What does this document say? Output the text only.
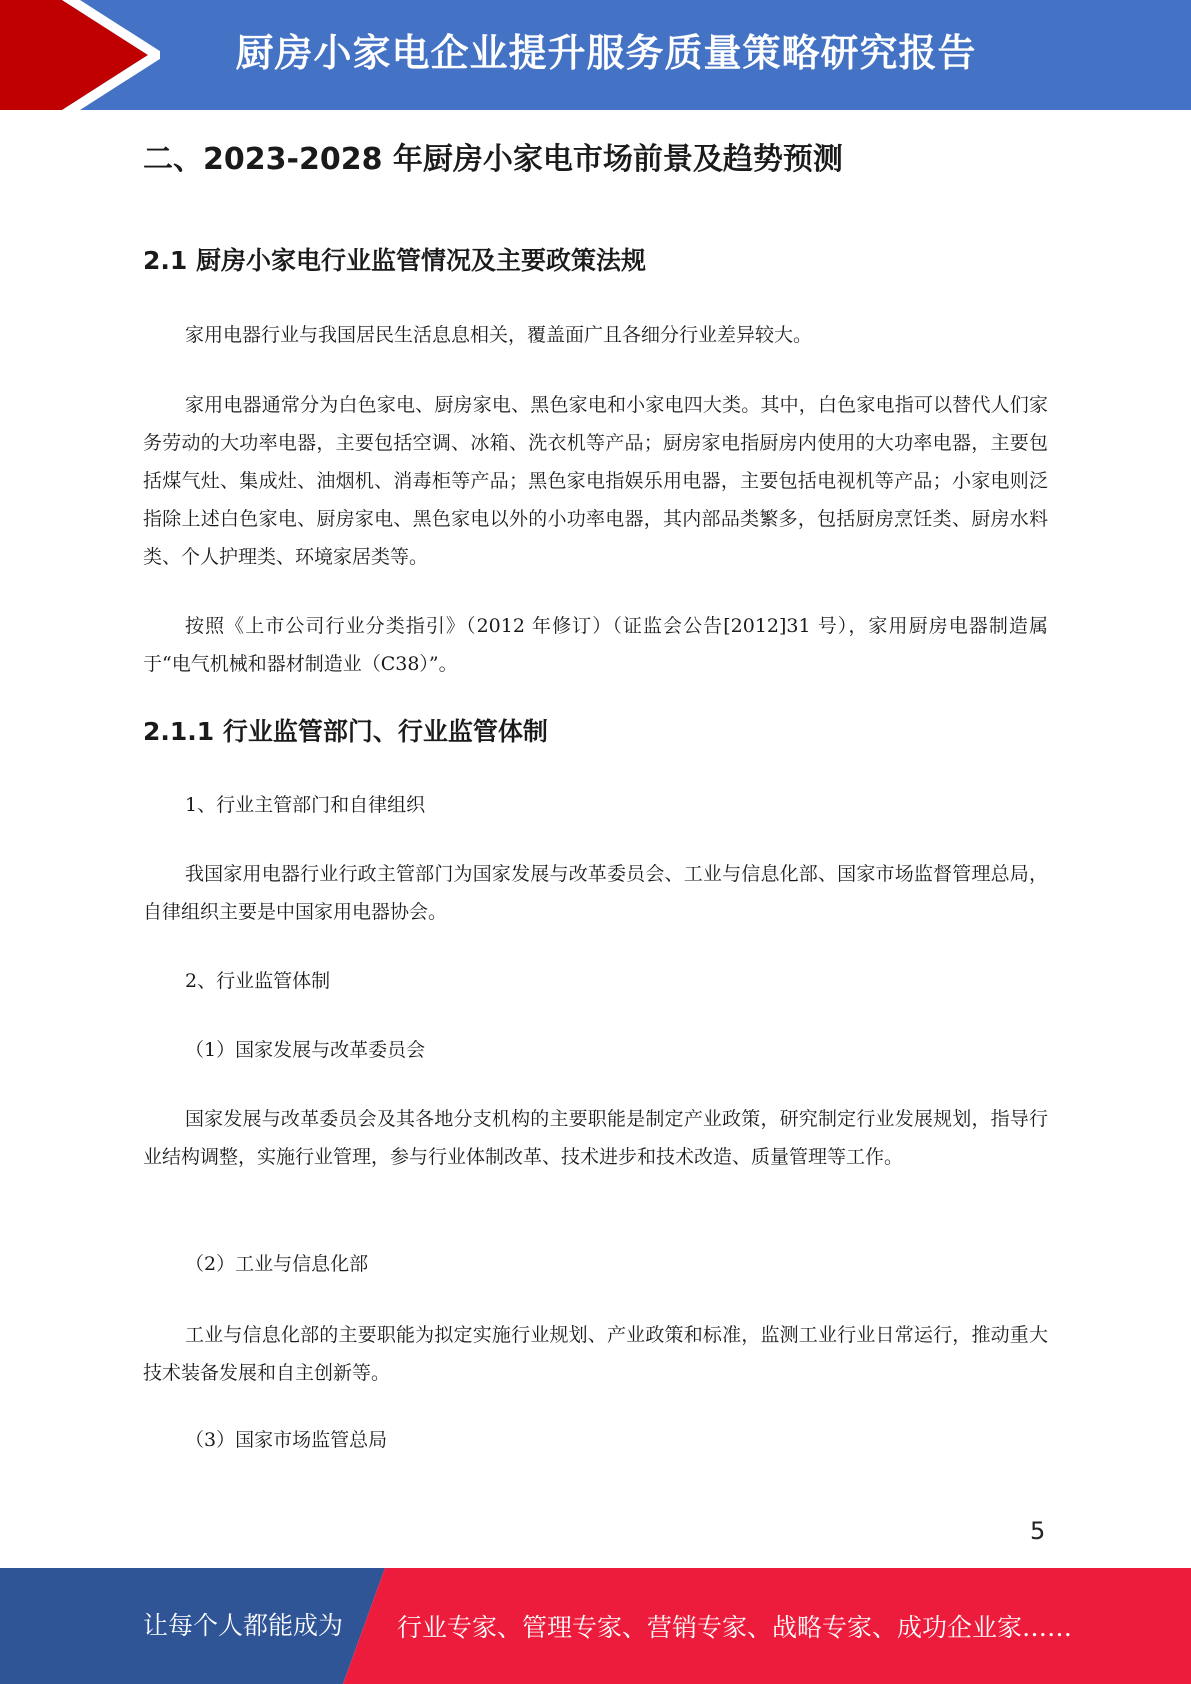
厨房小家电企业提升服务质量策略研究报告
二、2023-2028 年厨房小家电市场前景及趋势预测
2.1 厨房小家电行业监管情况及主要政策法规

家用电器行业与我国居民生活息息相关，覆盖面广且各细分行业差异较大。

家用电器通常分为白色家电、厨房家电、黑色家电和小家电四大类。其中，白色家电指可以替代人们家务劳动的大功率电器，主要包括空调、冰箱、洗衣机等产品；厨房家电指厨房内使用的大功率电器，主要包括煤气灶、集成灶、油烟机、消毒柜等产品；黑色家电指娱乐用电器，主要包括电视机等产品；小家电则泛指除上述白色家电、厨房家电、黑色家电以外的小功率电器，其内部品类繁多，包括厨房烹饪类、厨房水料类、个人护理类、环境家居类等。

按照《上市公司行业分类指引》（2012 年修订）（证监会公告[2012]31 号），家用厨房电器制造属于“电气机械和器材制造业（C38）”。

2.1.1 行业监管部门、行业监管体制
1、行业主管部门和自律组织

我国家用电器行业行政主管部门为国家发展与改革委员会、工业与信息化部、国家市场监督管理总局，自律组织主要是中国家用电器协会。

2、行业监管体制
（1）国家发展与改革委员会

国家发展与改革委员会及其各地分支机构的主要职能是制定产业政策，研究制定行业发展规划，指导行业结构调整，实施行业管理，参与行业体制改革、技术进步和技术改造、质量管理等工作。

（2）工业与信息化部

工业与信息化部的主要职能为拟定实施行业规划、产业政策和标准，监测工业行业日常运行，推动重大技术装备发展和自主创新等。

（3）国家市场监管总局
5
让每个人都能成为 行业专家、管理专家、营销专家、战略专家、成功企业家……
